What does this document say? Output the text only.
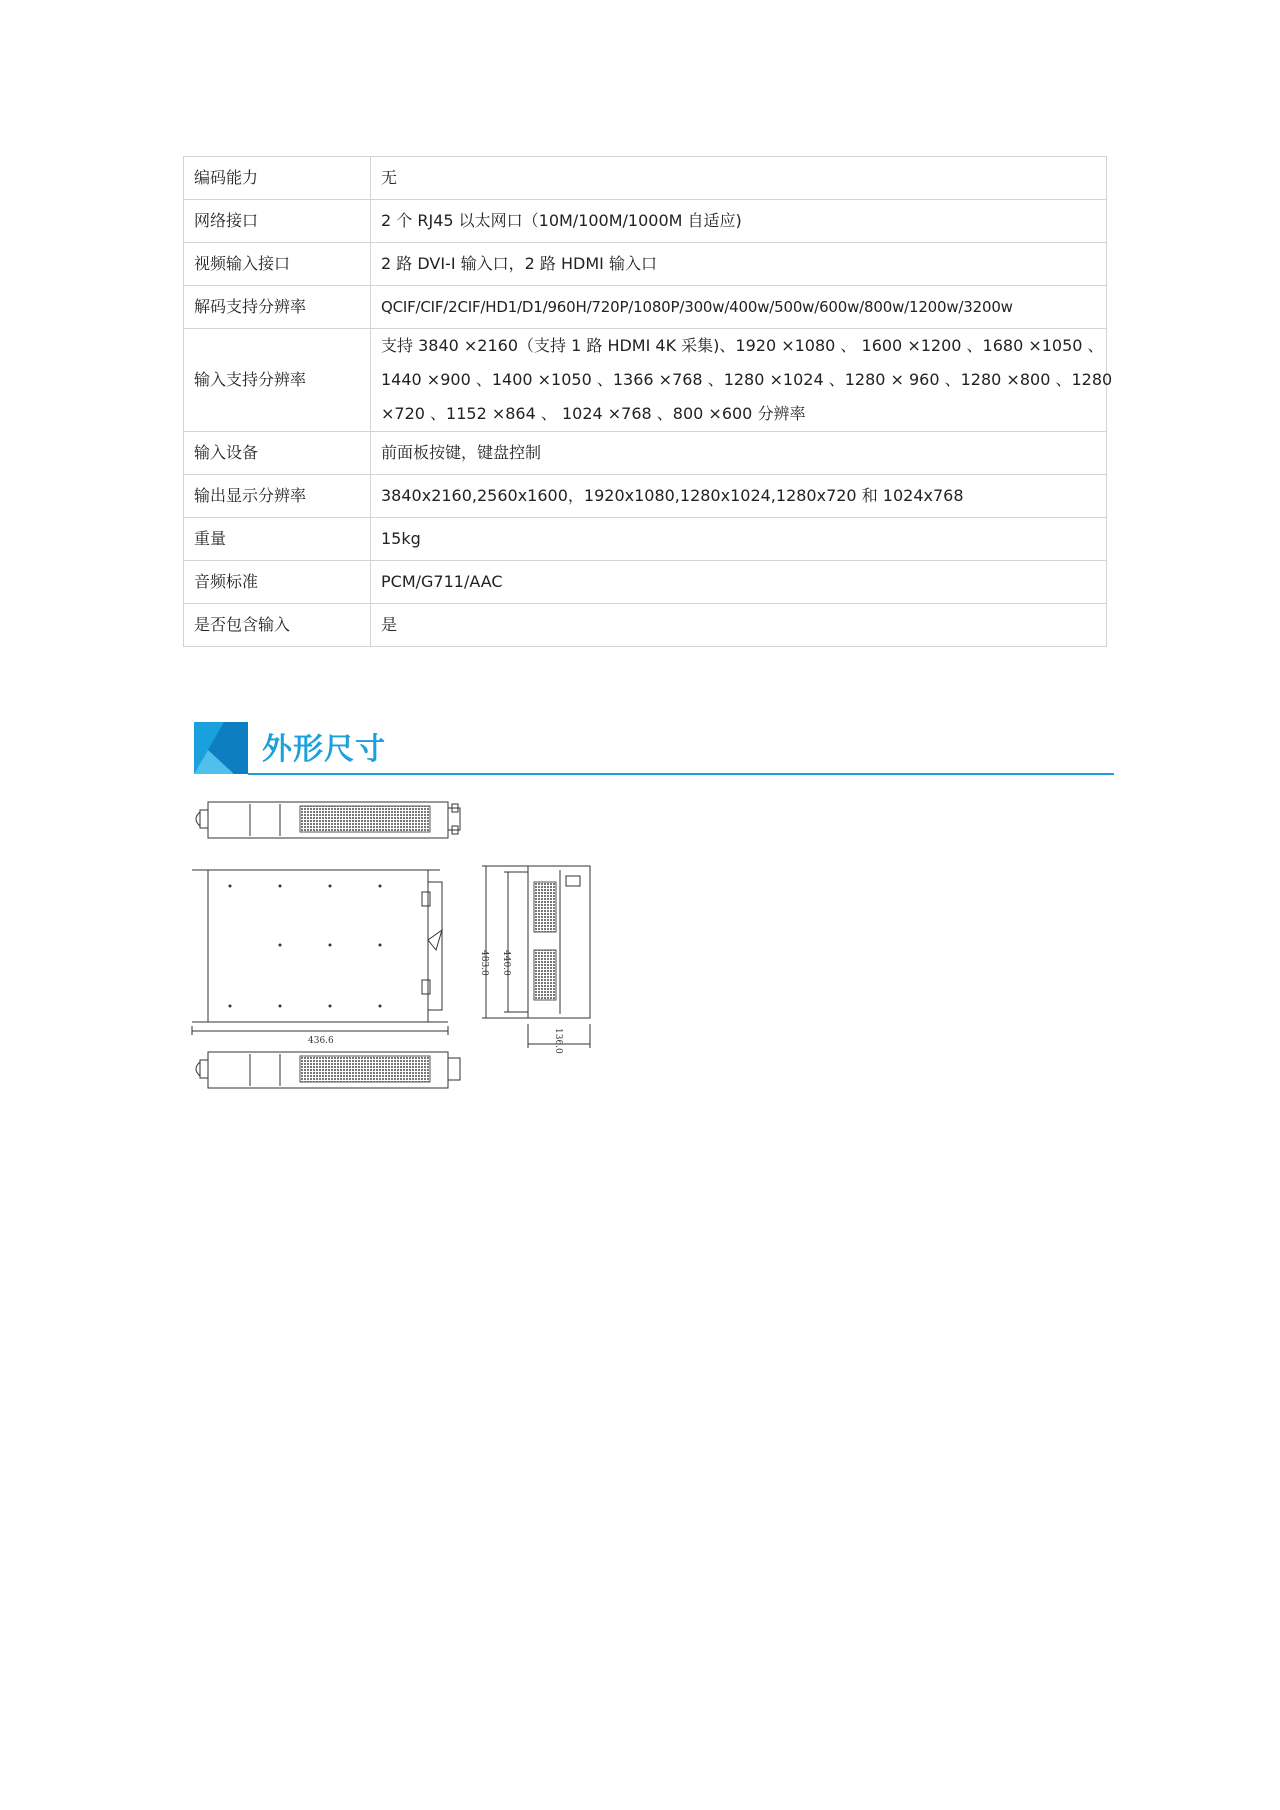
编码能力	无
网络接口	2 个 RJ45 以太网口（10M/100M/1000M 自适应)
视频输入接口	2 路 DVI-I 输入口，2 路 HDMI 输入口
解码支持分辨率	QCIF/CIF/2CIF/HD1/D1/960H/720P/1080P/300w/400w/500w/600w/800w/1200w/3200w
输入支持分辨率	支持 3840 ×2160（支持 1 路 HDMI 4K 采集)、1920 ×1080 、 1600 ×1200 、1680 ×1050 、
1440 ×900 、1400 ×1050 、1366 ×768 、1280 ×1024 、1280 × 960 、1280 ×800 、1280
×720 、1152 ×864 、 1024 ×768 、800 ×600 分辨率

输入设备	前面板按键，键盘控制
输出显示分辨率	3840x2160,2560x1600，1920x1080,1280x1024,1280x720 和 1024x768
重量	15kg
音频标准	PCM/G711/AAC
是否包含输入	是
外形尺寸
436.6
483.0 440.0
136.0
